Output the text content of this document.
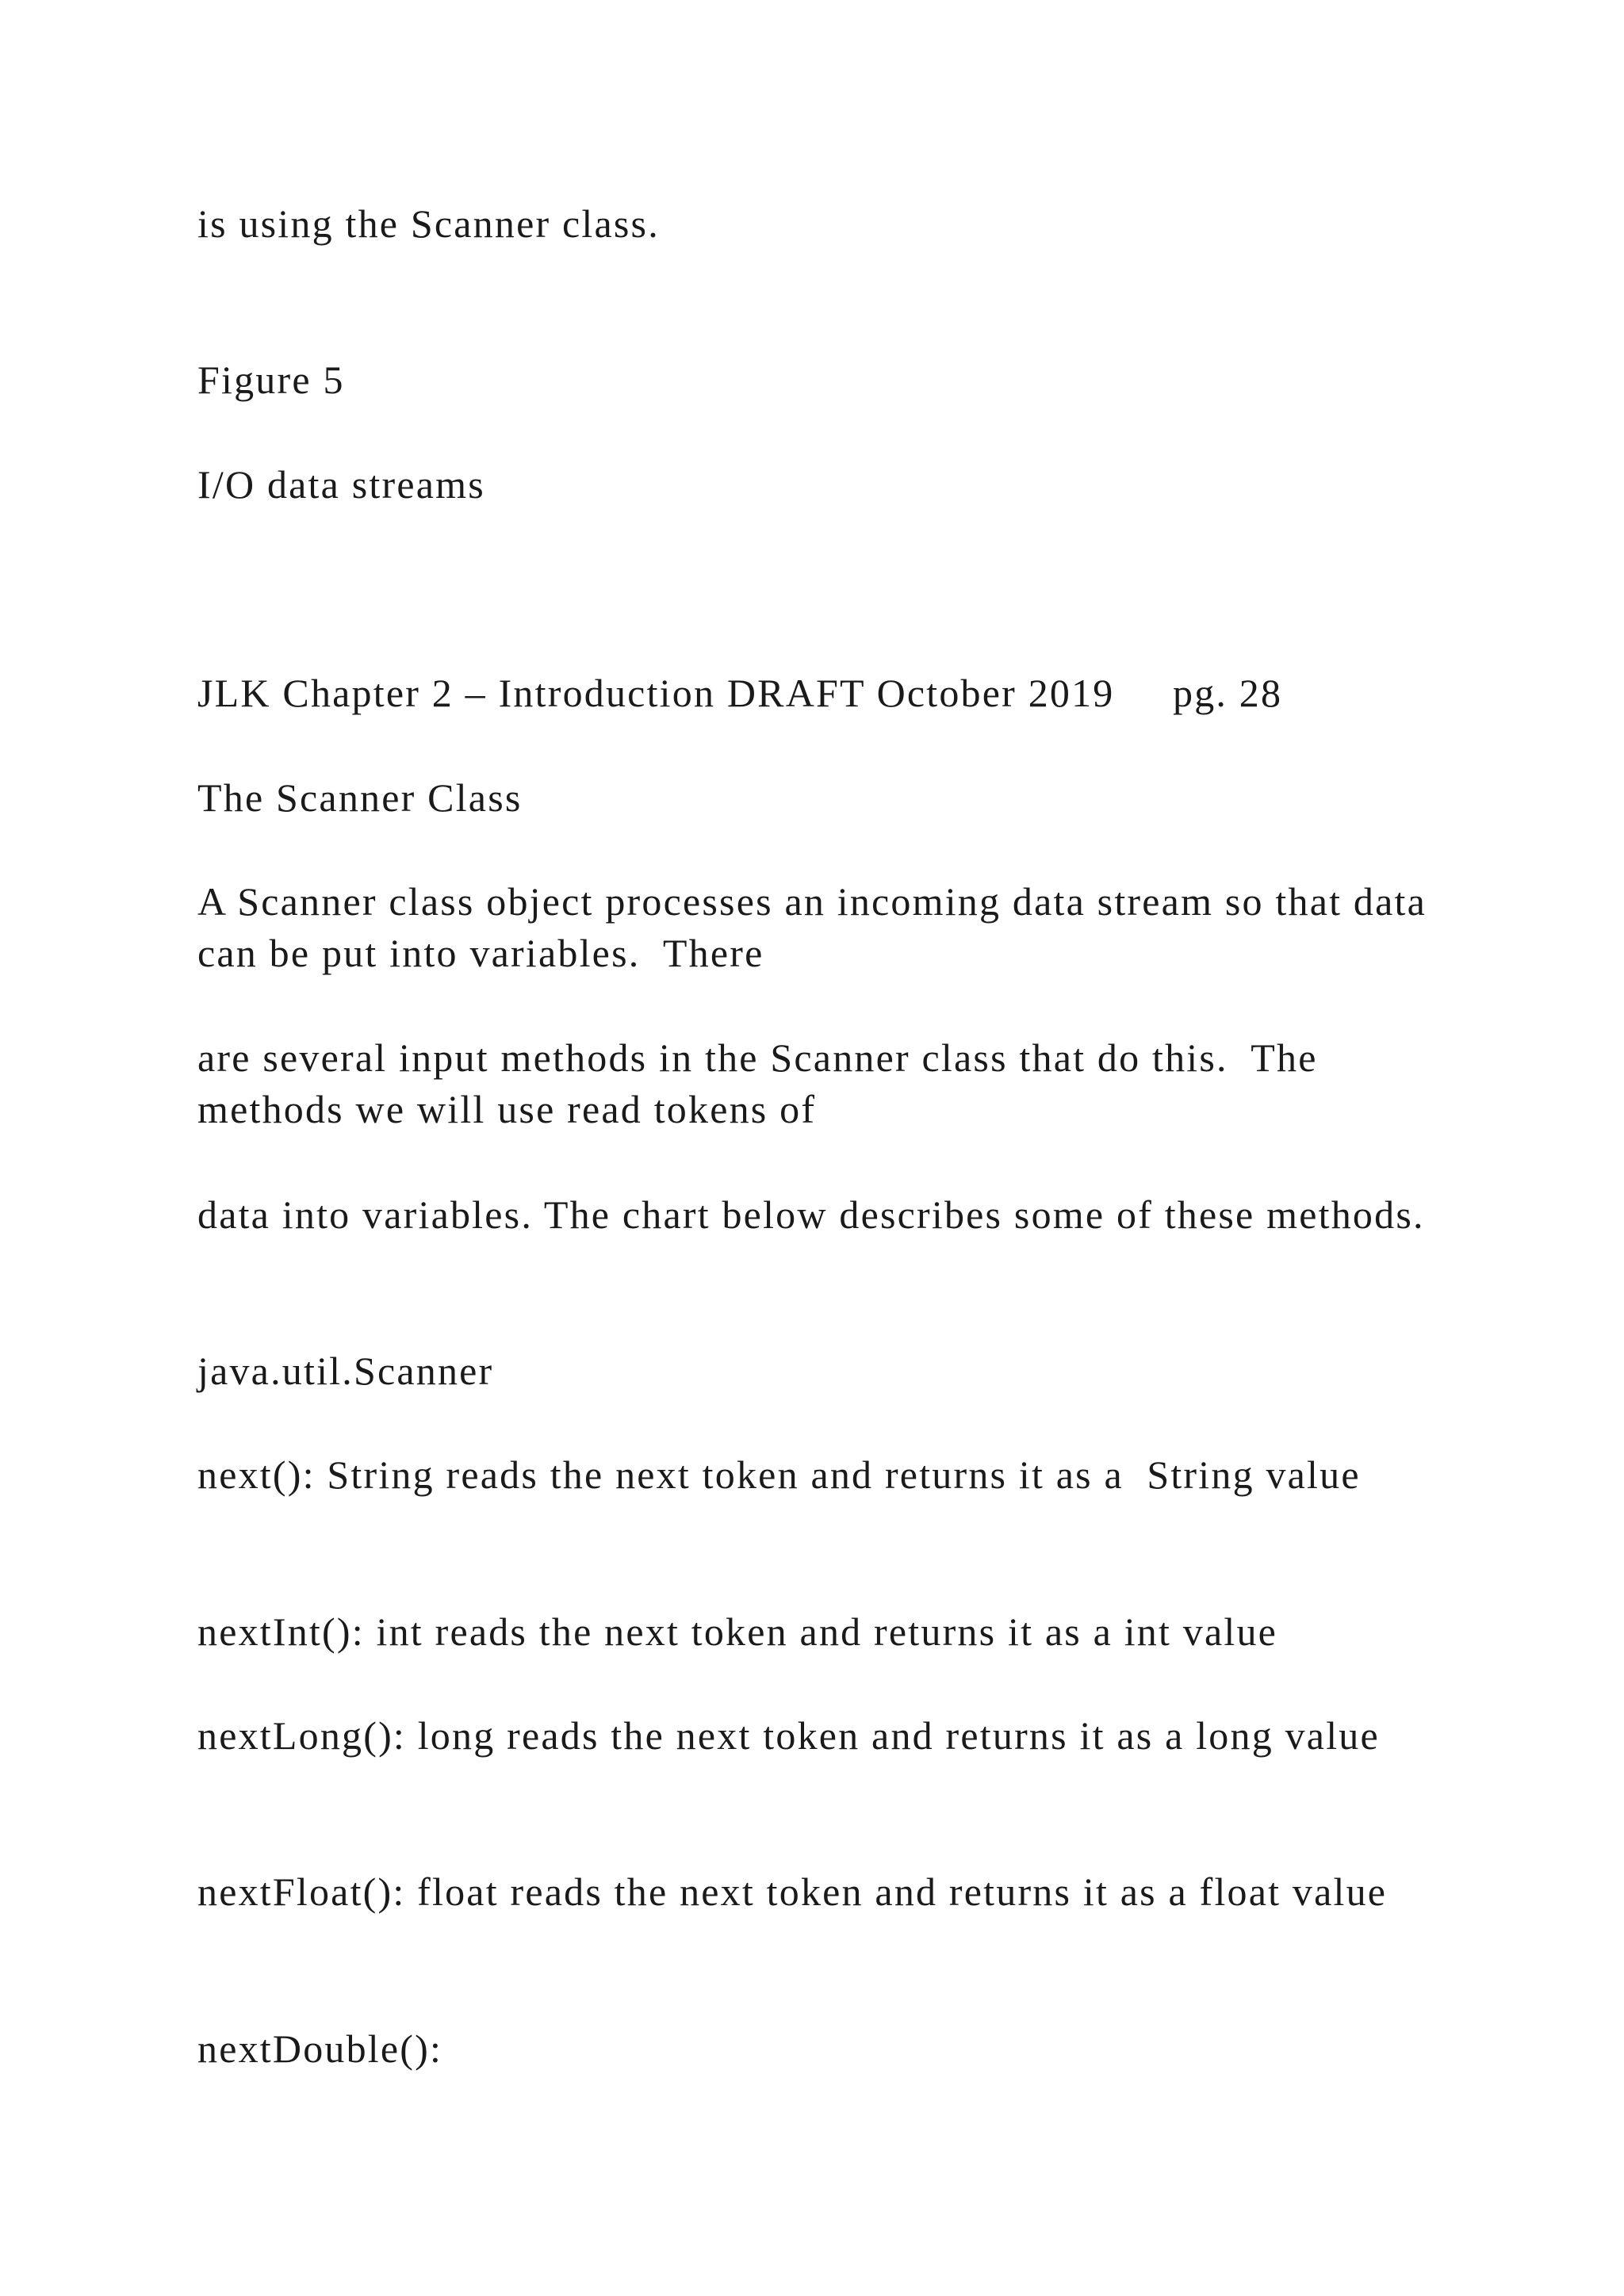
is using the Scanner class.

Figure 5

I/O data streams

JLK Chapter 2 – Introduction DRAFT October 2019     pg. 28

The Scanner Class

A Scanner class object processes an incoming data stream so that data can be put into variables.  There

are several input methods in the Scanner class that do this.  The methods we will use read tokens of

data into variables. The chart below describes some of these methods.

java.util.Scanner

next(): String reads the next token and returns it as a  String value

nextInt(): int reads the next token and returns it as a int value

nextLong(): long reads the next token and returns it as a long value

nextFloat(): float reads the next token and returns it as a float value

nextDouble():
